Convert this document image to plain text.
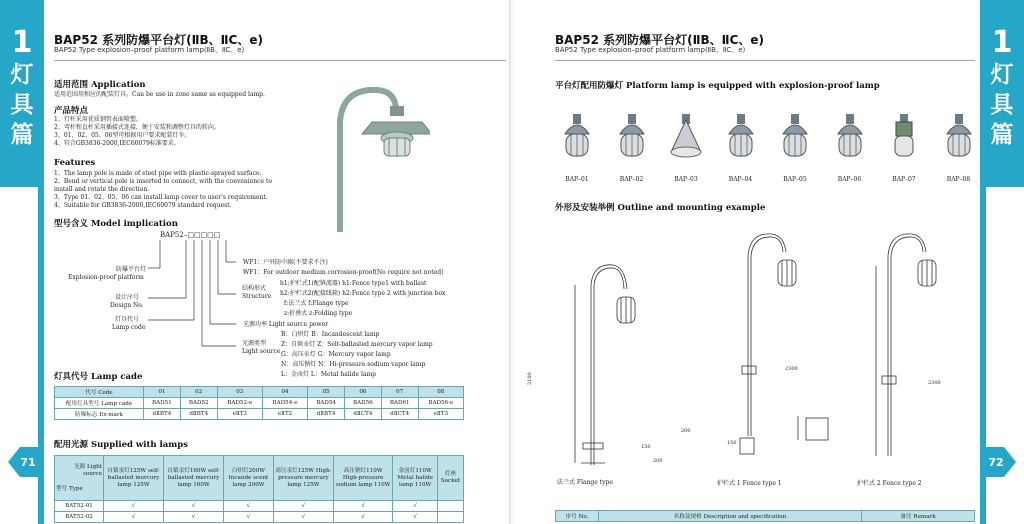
1
灯
具
篇
71
BAP52 系列防爆平台灯(ⅡB、ⅡC、e)
BAP52 Type explosion–proof platform lamp(ⅡB、ⅡC、e)
适用范围 Application
适用范围用相应的配装灯具。Can be use in zone same as equipped lamp.
产品特点
1、灯杆采用优质钢管表面喷塑。
2、弯杆和直杆采用插接式连接，便于安装和调整灯具的转向。
3、01、02、05、06型可根据用户要求配装灯伞。
4、符合GB3836-2000,IEC60079标准要求。
Features
1、The lamp pole is made of steel pipe with plastic-sprayed surface.
2、Bend or vertical pole is inserted to connect, with the convenience to
install and rotate the direction.
3、Type 01、02、05、06 can install lamp cover to user's requirement.
4、Suitable for GB3836-2000,IEC60079 standard request.
型号含义 Model implication
BAP52–□□□□□
防爆平台灯
Explosion-proof platform
设计序号
Design No.
灯具代号
Lamp code
WF1：户外防中腐(不要求不注)
WF1：For outdoor medium corrosion-proof(No require not noted)
结构形式
Structure
h1:护栏式1(配镇流器) h1:Fence type1 with ballast
h2:护栏式2(配接线箱) h2:Fence type 2 with junction box
f:法兰式 f:Flange type
z:折叠式 z:Folding type
光源功率 Light source power
光源类型
Light source
B：白炽灯 B：Incandescent lamp
Z：自镇汞灯 Z：Selt-ballasted mercury vapor lamp
G：高压汞灯 G：Mercury vapor lamp
N：高压钠灯 N：Hi-pressure sodium vapor lamp
L：金卤灯 L：Metal halide lamp
灯具代号 Lamp cade
代号 Code	01	02	03	04	05	06	07	08
配用灯具型号 Lamp cade	BAD51	BAD52	BAD52-e	BAD54-e	BAD54	BAD56	BAD61	BAD56-e
防爆标志 Ex-mark	dⅡBT4	dⅡBT4	eⅡT3	eⅡT2	dⅡBT4	dⅡCT4	dⅡCT4	eⅡT3
配用光源 Supplied with lamps
光源 Light source
型号 Type	自镇汞灯125W self-ballasted mercury lamp 125W	自镇汞灯160W self-ballasted mercury lamp 160W	白炽灯200W Incande scent lamp 200W	高压汞灯125W High-pressure mercury lamp 125W	高压钠灯110W High-pressure sodium lamp 110W	金卤灯110W Metal halide lamp 110W	灯座 Socket
BAT52-01	√	√	√	√	√	√	
BAT52-02	√	√	√	√	√	√	
1
灯
具
篇
72
BAP52 系列防爆平台灯(ⅡB、ⅡC、e)
BAP52 Type explosion–proof platform lamp(ⅡB、ⅡC、e)
平台灯配用防爆灯 Platform lamp is equipped with explosion-proof lamp
外形及安装举例 Outline and mounting example
2100
法兰式 Flange type	护栏式 1 Fence type 1	护栏式 2 Fence type 2
2300
2300
150
200
200
150
序号 No.	名称及规格 Description and specification	备注 Remark
BAP–01	BAP–02	BAP–03	BAP–04	BAP–05	BAP–06	BAP–07	BAP–08
